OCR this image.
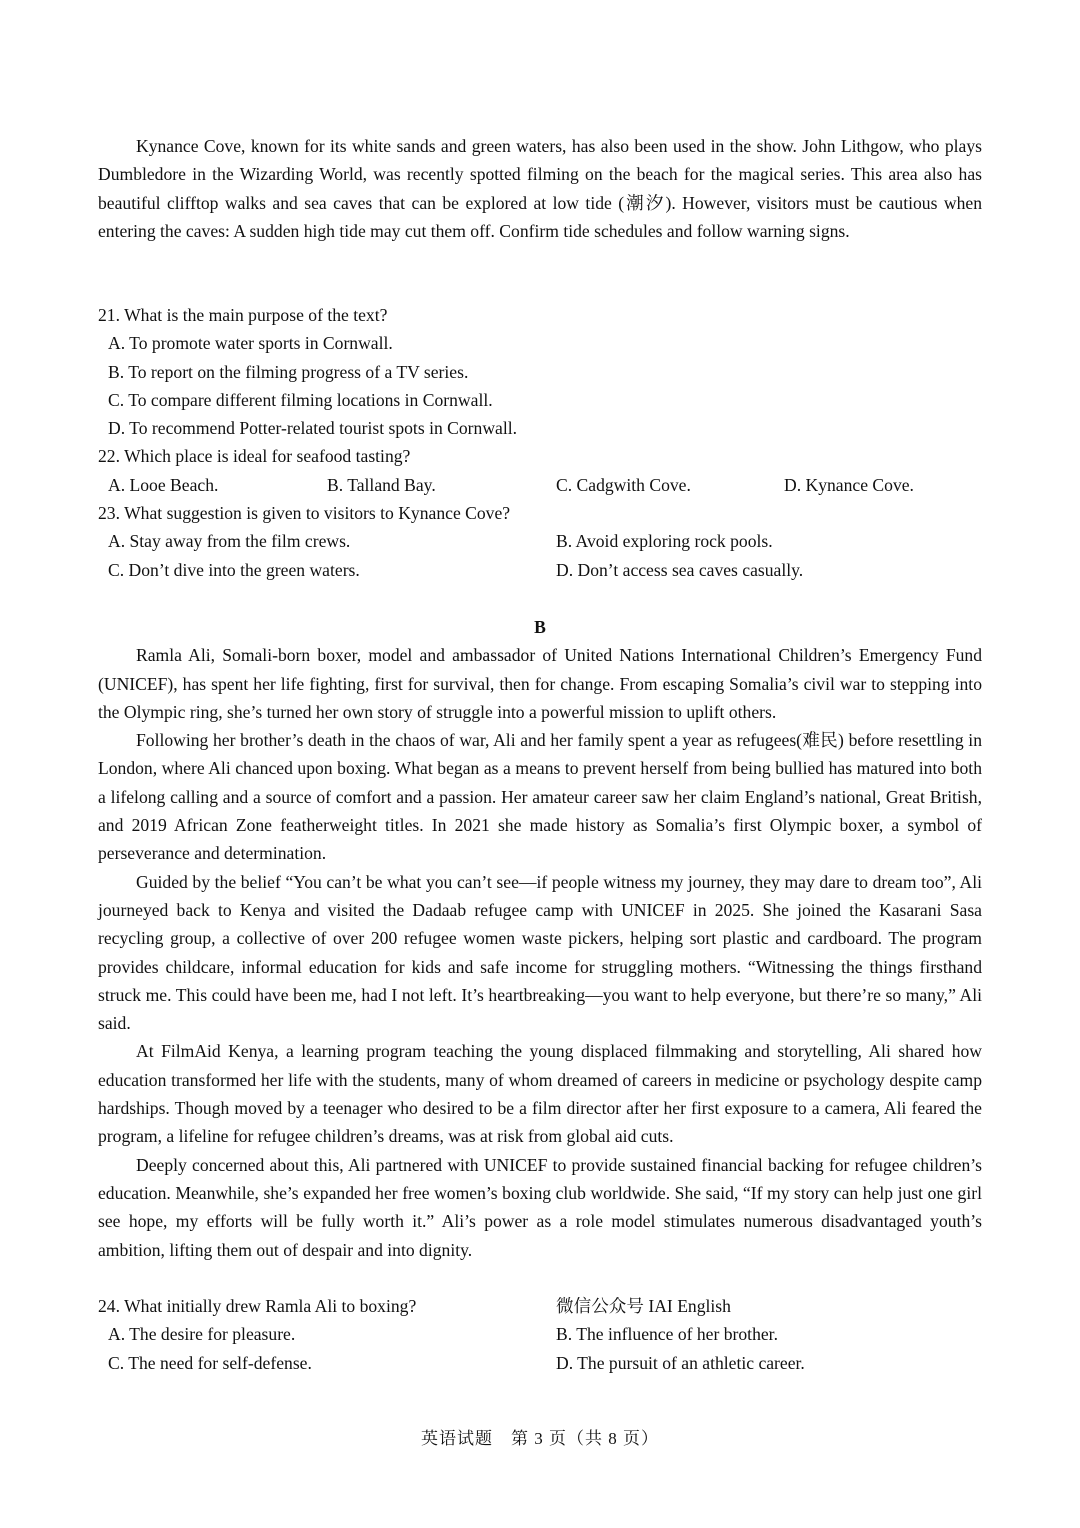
Kynance Cove, known for its white sands and green waters, has also been used in the show. John Lithgow, who plays Dumbledore in the Wizarding World, was recently spotted filming on the beach for the magical series. This area also has beautiful clifftop walks and sea caves that can be explored at low tide (潮汐). However, visitors must be cautious when entering the caves: A sudden high tide may cut them off. Confirm tide schedules and follow warning signs.

21. What is the main purpose of the text?
A. To promote water sports in Cornwall.
B. To report on the filming progress of a TV series.
C. To compare different filming locations in Cornwall.
D. To recommend Potter-related tourist spots in Cornwall.
22. Which place is ideal for seafood tasting?
A. Looe Beach.	B. Talland Bay.	C. Cadgwith Cove.	D. Kynance Cove.
23. What suggestion is given to visitors to Kynance Cove?
A. Stay away from the film crews.	B. Avoid exploring rock pools.
C. Don’t dive into the green waters.	D. Don’t access sea caves casually.
B

Ramla Ali, Somali-born boxer, model and ambassador of United Nations International Children’s Emergency Fund (UNICEF), has spent her life fighting, first for survival, then for change. From escaping Somalia’s civil war to stepping into the Olympic ring, she’s turned her own story of struggle into a powerful mission to uplift others.

Following her brother’s death in the chaos of war, Ali and her family spent a year as refugees(难民) before resettling in London, where Ali chanced upon boxing. What began as a means to prevent herself from being bullied has matured into both a lifelong calling and a source of comfort and a passion. Her amateur career saw her claim England’s national, Great British, and 2019 African Zone featherweight titles. In 2021 she made history as Somalia’s first Olympic boxer, a symbol of perseverance and determination.

Guided by the belief “You can’t be what you can’t see—if people witness my journey, they may dare to dream too”, Ali journeyed back to Kenya and visited the Dadaab refugee camp with UNICEF in 2025. She joined the Kasarani Sasa recycling group, a collective of over 200 refugee women waste pickers, helping sort plastic and cardboard. The program provides childcare, informal education for kids and safe income for struggling mothers. “Witnessing the things firsthand struck me. This could have been me, had I not left. It’s heartbreaking—you want to help everyone, but there’re so many,” Ali said.

At FilmAid Kenya, a learning program teaching the young displaced filmmaking and storytelling, Ali shared how education transformed her life with the students, many of whom dreamed of careers in medicine or psychology despite camp hardships. Though moved by a teenager who desired to be a film director after her first exposure to a camera, Ali feared the program, a lifeline for refugee children’s dreams, was at risk from global aid cuts.

Deeply concerned about this, Ali partnered with UNICEF to provide sustained financial backing for refugee children’s education. Meanwhile, she’s expanded her free women’s boxing club worldwide. She said, “If my story can help just one girl see hope, my efforts will be fully worth it.” Ali’s power as a role model stimulates numerous disadvantaged youth’s ambition, lifting them out of despair and into dignity.

24. What initially drew Ramla Ali to boxing?	微信公众号 IAI English
A. The desire for pleasure.	B. The influence of her brother.
C. The need for self-defense.	D. The pursuit of an athletic career.
英语试题　第 3 页（共 8 页）
